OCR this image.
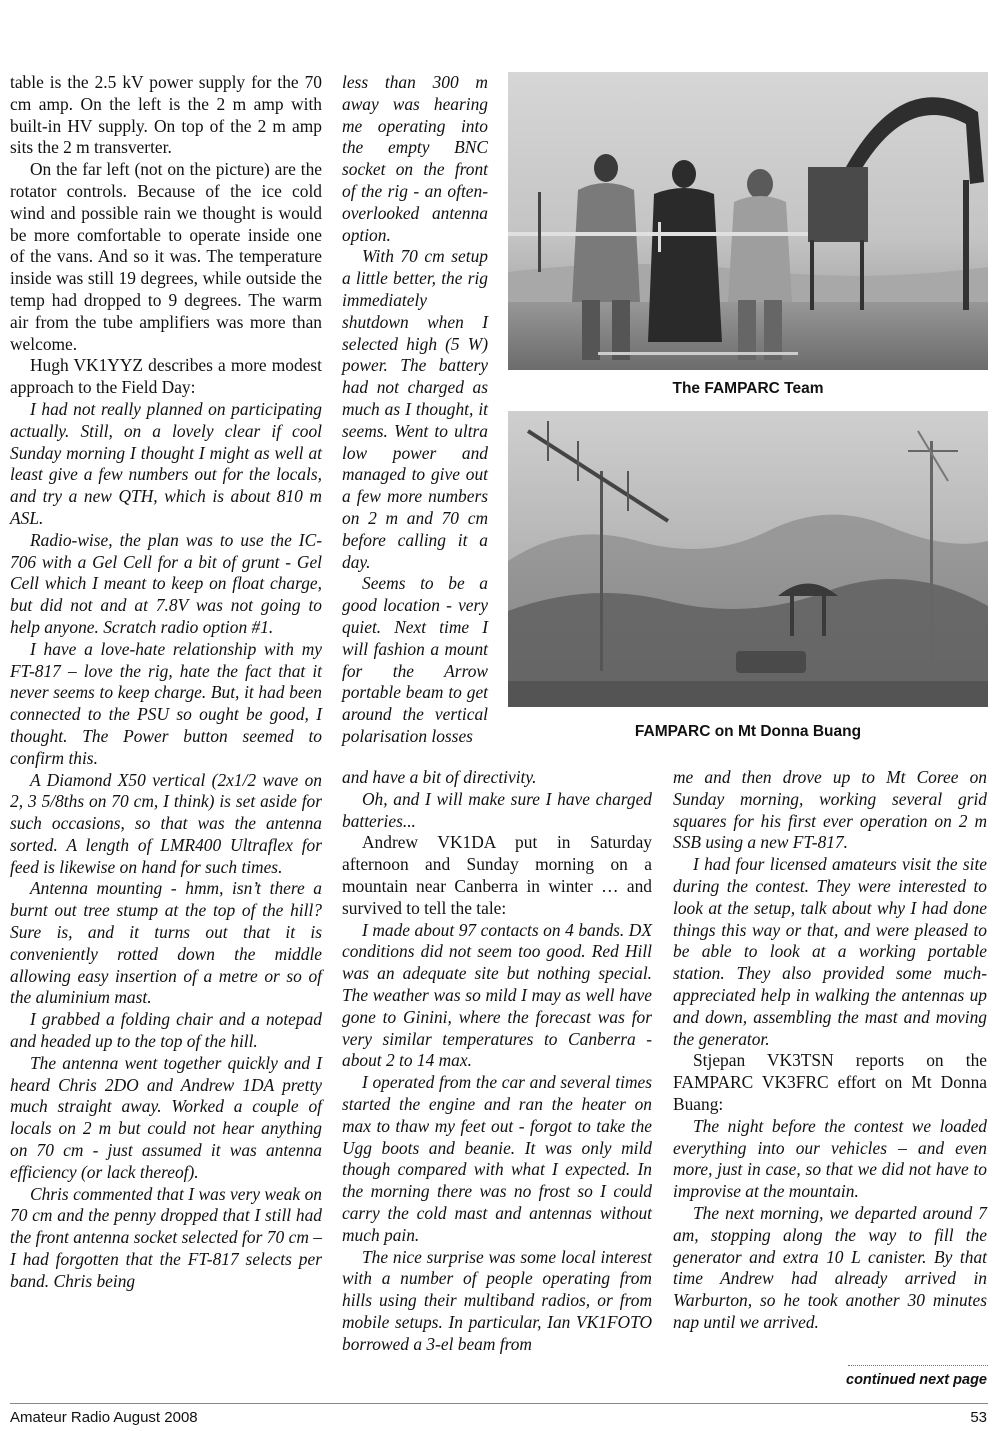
table is the 2.5 kV power supply for the 70 cm amp. On the left is the 2 m amp with built-in HV supply. On top of the 2 m amp sits the 2 m transverter.

On the far left (not on the picture) are the rotator controls. Because of the ice cold wind and possible rain we thought is would be more comfortable to operate inside one of the vans. And so it was. The temperature inside was still 19 degrees, while outside the temp had dropped to 9 degrees. The warm air from the tube amplifiers was more than welcome.

Hugh VK1YYZ describes a more modest approach to the Field Day:

I had not really planned on participating actually. Still, on a lovely clear if cool Sunday morning I thought I might as well at least give a few numbers out for the locals, and try a new QTH, which is about 810 m ASL.

Radio-wise, the plan was to use the IC-706 with a Gel Cell for a bit of grunt - Gel Cell which I meant to keep on float charge, but did not and at 7.8V was not going to help anyone. Scratch radio option #1.

I have a love-hate relationship with my FT-817 – love the rig, hate the fact that it never seems to keep charge. But, it had been connected to the PSU so ought be good, I thought. The Power button seemed to confirm this.

A Diamond X50 vertical (2x1/2 wave on 2, 3 5/8ths on 70 cm, I think) is set aside for such occasions, so that was the antenna sorted. A length of LMR400 Ultraflex for feed is likewise on hand for such times.

Antenna mounting - hmm, isn’t there a burnt out tree stump at the top of the hill? Sure is, and it turns out that it is conveniently rotted down the middle allowing easy insertion of a metre or so of the aluminium mast.

I grabbed a folding chair and a notepad and headed up to the top of the hill.

The antenna went together quickly and I heard Chris 2DO and Andrew 1DA pretty much straight away. Worked a couple of locals on 2 m but could not hear anything on 70 cm - just assumed it was antenna efficiency (or lack thereof).

Chris commented that I was very weak on 70 cm and the penny dropped that I still had the front antenna socket selected for 70 cm – I had forgotten that the FT-817 selects per band. Chris being

less than 300 m away was hearing me operating into the empty BNC socket on the front of the rig - an often-overlooked antenna option.

With 70 cm setup a little better, the rig immediately shutdown when I selected high (5 W) power. The battery had not charged as much as I thought, it seems. Went to ultra low power and managed to give out a few more numbers on 2 m and 70 cm before calling it a day.

Seems to be a good location - very quiet. Next time I will fashion a mount for the Arrow portable beam to get around the vertical polarisation losses

The FAMPARC Team
FAMPARC on Mt Donna Buang

and have a bit of directivity.

Oh, and I will make sure I have charged batteries...

Andrew VK1DA put in Saturday afternoon and Sunday morning on a mountain near Canberra in winter … and survived to tell the tale:

I made about 97 contacts on 4 bands. DX conditions did not seem too good. Red Hill was an adequate site but nothing special. The weather was so mild I may as well have gone to Ginini, where the forecast was for very similar temperatures to Canberra - about 2 to 14 max.

I operated from the car and several times started the engine and ran the heater on max to thaw my feet out - forgot to take the Ugg boots and beanie. It was only mild though compared with what I expected. In the morning there was no frost so I could carry the cold mast and antennas without much pain.

The nice surprise was some local interest with a number of people operating from hills using their multiband radios, or from mobile setups. In particular, Ian VK1FOTO borrowed a 3-el beam from

me and then drove up to Mt Coree on Sunday morning, working several grid squares for his first ever operation on 2 m SSB using a new FT-817.

I had four licensed amateurs visit the site during the contest. They were interested to look at the setup, talk about why I had done things this way or that, and were pleased to be able to look at a working portable station. They also provided some much-appreciated help in walking the antennas up and down, assembling the mast and moving the generator.

Stjepan VK3TSN reports on the FAMPARC VK3FRC effort on Mt Donna Buang:

The night before the contest we loaded everything into our vehicles – and even more, just in case, so that we did not have to improvise at the mountain.

The next morning, we departed around 7 am, stopping along the way to fill the generator and extra 10 L canister. By that time Andrew had already arrived in Warburton, so he took another 30 minutes nap until we arrived.

continued next page
Amateur Radio August 2008	53
